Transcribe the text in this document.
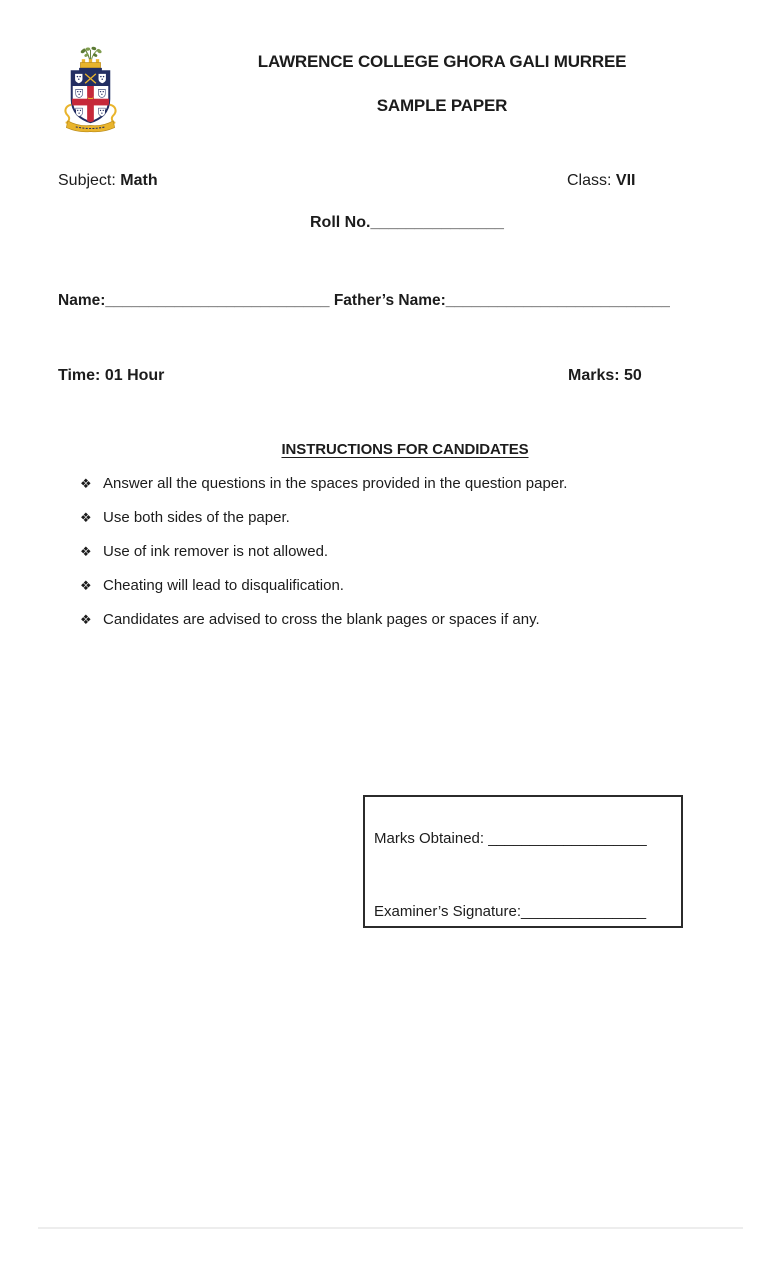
LAWRENCE COLLEGE GHORA GALI MURREE
SAMPLE PAPER
Subject: Math	Class: VII
Roll No._______________
Name:__________________________ Father’s Name:__________________________
Time: 01 Hour	Marks: 50
INSTRUCTIONS FOR CANDIDATES
❖ Answer all the questions in the spaces provided in the question paper.
❖ Use both sides of the paper.
❖ Use of ink remover is not allowed.
❖ Cheating will lead to disqualification.
❖ Candidates are advised to cross the blank pages or spaces if any.
Marks Obtained: ___________________
Examiner’s Signature:_______________
